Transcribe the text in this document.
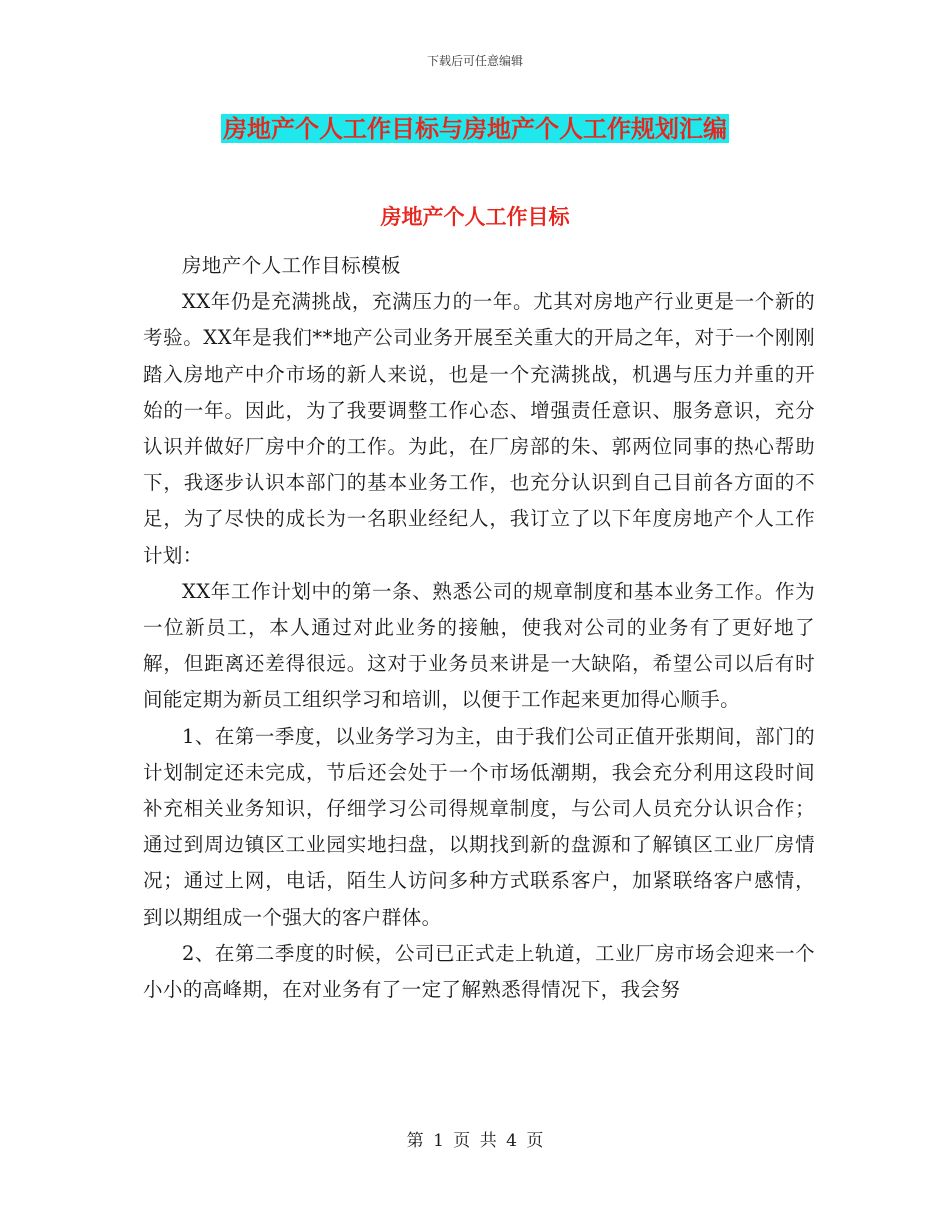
下载后可任意编辑
房地产个人工作目标与房地产个人工作规划汇编
房地产个人工作目标

房地产个人工作目标模板

XX年仍是充满挑战，充满压力的一年。尤其对房地产行业更是一个新的考验。XX年是我们**地产公司业务开展至关重大的开局之年，对于一个刚刚踏入房地产中介市场的新人来说，也是一个充满挑战，机遇与压力并重的开始的一年。因此，为了我要调整工作心态、增强责任意识、服务意识，充分认识并做好厂房中介的工作。为此，在厂房部的朱、郭两位同事的热心帮助下，我逐步认识本部门的基本业务工作，也充分认识到自己目前各方面的不足，为了尽快的成长为一名职业经纪人，我订立了以下年度房地产个人工作计划：

XX年工作计划中的第一条、熟悉公司的规章制度和基本业务工作。作为一位新员工，本人通过对此业务的接触，使我对公司的业务有了更好地了解，但距离还差得很远。这对于业务员来讲是一大缺陷，希望公司以后有时间能定期为新员工组织学习和培训，以便于工作起来更加得心顺手。

1、在第一季度，以业务学习为主，由于我们公司正值开张期间，部门的计划制定还未完成，节后还会处于一个市场低潮期，我会充分利用这段时间补充相关业务知识，仔细学习公司得规章制度，与公司人员充分认识合作；通过到周边镇区工业园实地扫盘，以期找到新的盘源和了解镇区工业厂房情况；通过上网，电话，陌生人访问多种方式联系客户，加紧联络客户感情，到以期组成一个强大的客户群体。

2、在第二季度的时候，公司已正式走上轨道，工业厂房市场会迎来一个小小的高峰期，在对业务有了一定了解熟悉得情况下，我会努

第 1 页 共 4 页
